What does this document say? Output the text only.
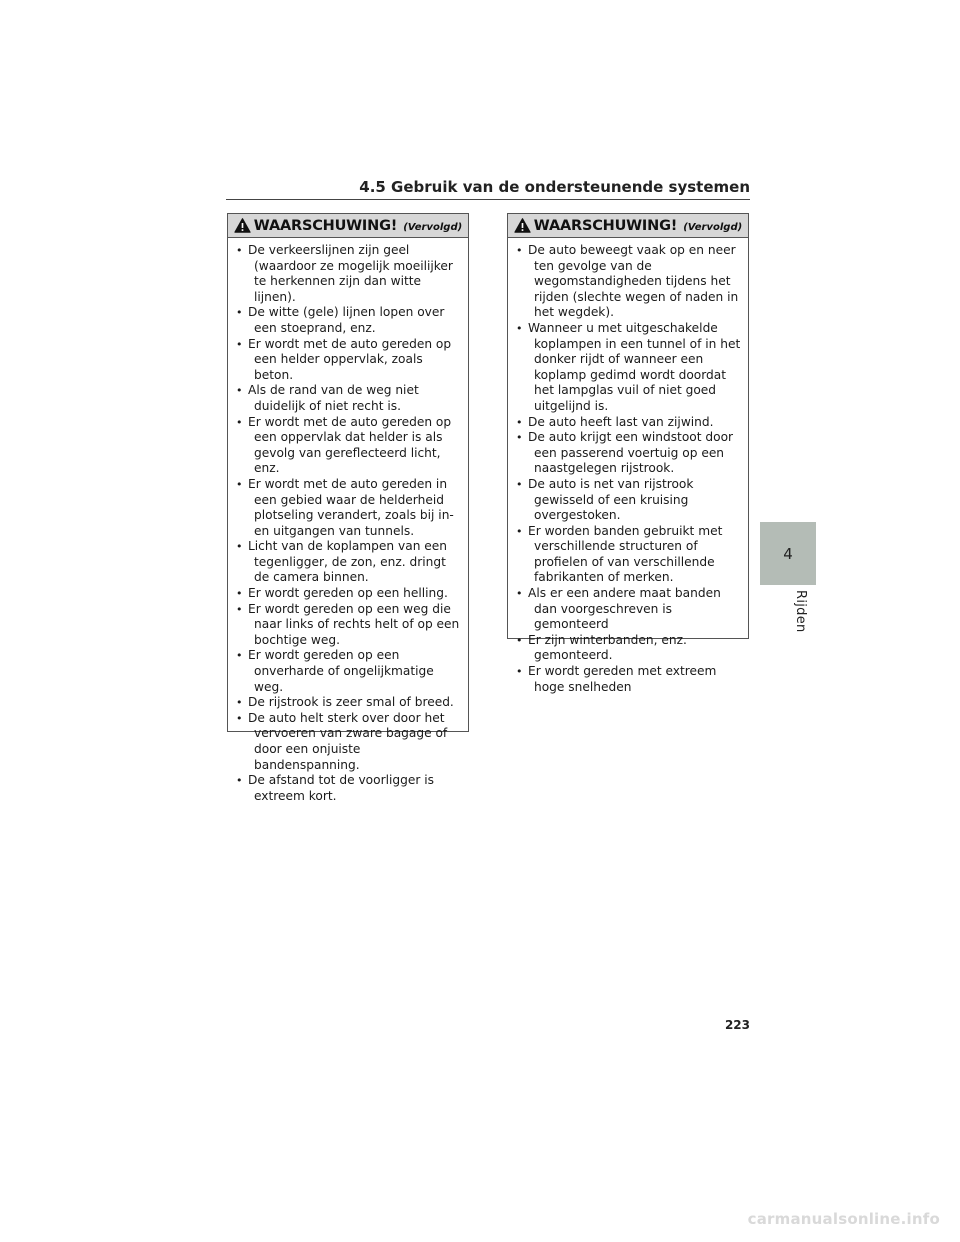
4.5 Gebruik van de ondersteunende systemen
WAARSCHUWING! (Vervolgd)
• De verkeerslijnen zijn geel (waardoor ze mogelijk moeilijker te herkennen zijn dan witte lijnen).
• De witte (gele) lijnen lopen over een stoeprand, enz.
• Er wordt met de auto gereden op een helder oppervlak, zoals beton.
• Als de rand van de weg niet duidelijk of niet recht is.
• Er wordt met de auto gereden op een oppervlak dat helder is als gevolg van gereflecteerd licht, enz.
• Er wordt met de auto gereden in een gebied waar de helderheid plotseling verandert, zoals bij in- en uitgangen van tunnels.
• Licht van de koplampen van een tegenligger, de zon, enz. dringt de camera binnen.
• Er wordt gereden op een helling.
• Er wordt gereden op een weg die naar links of rechts helt of op een bochtige weg.
• Er wordt gereden op een onverharde of ongelijkmatige weg.
• De rijstrook is zeer smal of breed.
• De auto helt sterk over door het vervoeren van zware bagage of door een onjuiste bandenspanning.
• De afstand tot de voorligger is extreem kort.
WAARSCHUWING! (Vervolgd)
• De auto beweegt vaak op en neer ten gevolge van de wegomstandigheden tijdens het rijden (slechte wegen of naden in het wegdek).
• Wanneer u met uitgeschakelde koplampen in een tunnel of in het donker rijdt of wanneer een koplamp gedimd wordt doordat het lampglas vuil of niet goed uitgelijnd is.
• De auto heeft last van zijwind.
• De auto krijgt een windstoot door een passerend voertuig op een naastgelegen rijstrook.
• De auto is net van rijstrook gewisseld of een kruising overgestoken.
• Er worden banden gebruikt met verschillende structuren of profielen of van verschillende fabrikanten of merken.
• Als er een andere maat banden dan voorgeschreven is gemonteerd
• Er zijn winterbanden, enz. gemonteerd.
• Er wordt gereden met extreem hoge snelheden
4
Rijden
223
carmanualsonline.info
